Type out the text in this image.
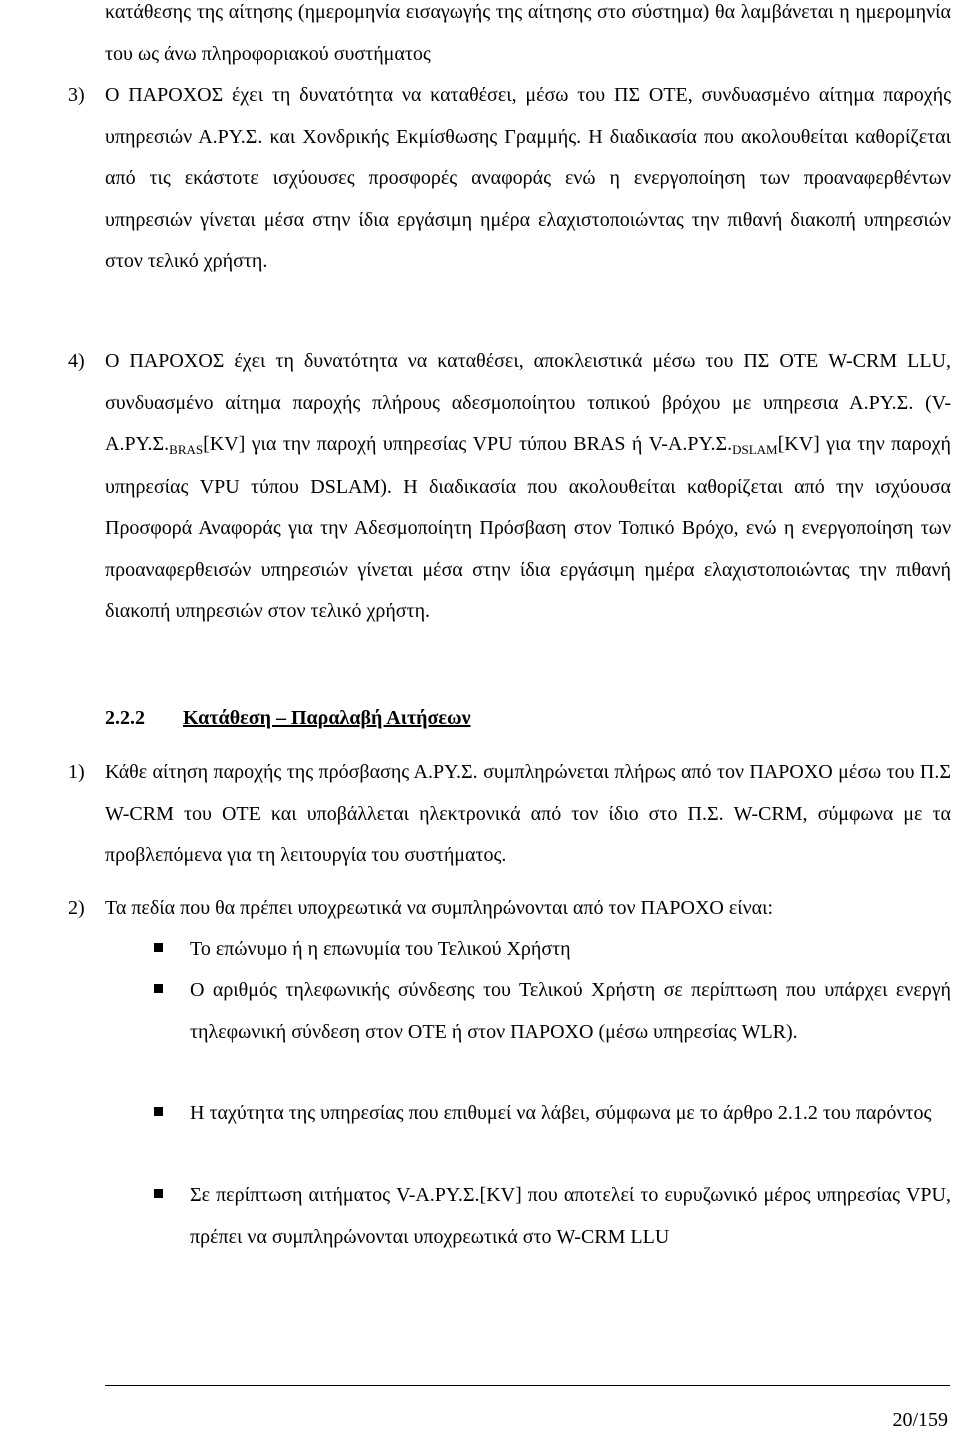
κατάθεσης της αίτησης (ημερομηνία εισαγωγής της αίτησης στο σύστημα) θα λαμβάνεται η ημερομηνία του ως άνω πληροφοριακού συστήματος

3) Ο ΠΑΡΟΧΟΣ έχει τη δυνατότητα να καταθέσει, μέσω του ΠΣ ΟΤΕ, συνδυασμένο αίτημα παροχής υπηρεσιών Α.ΡΥ.Σ. και Χονδρικής Εκμίσθωσης Γραμμής. Η διαδικασία που ακολουθείται καθορίζεται από τις εκάστοτε ισχύουσες προσφορές αναφοράς ενώ η ενεργοποίηση των προαναφερθέντων υπηρεσιών γίνεται μέσα στην ίδια εργάσιμη ημέρα ελαχιστοποιώντας την πιθανή διακοπή υπηρεσιών στον τελικό χρήστη.

4) Ο ΠΑΡΟΧΟΣ έχει τη δυνατότητα να καταθέσει, αποκλειστικά μέσω του ΠΣ ΟΤΕ W-CRM LLU, συνδυασμένο αίτημα παροχής πλήρους αδεσμοποίητου τοπικού βρόχου με υπηρεσια Α.ΡΥ.Σ. ($V-A.P\Upsilon.\Sigma._{BRAS}[KV]$ για την παροχή υπηρεσίας VPU τύπου BRAS ή $V-A.P\Upsilon.\Sigma._{DSLAM}[KV]$ για την παροχή υπηρεσίας VPU τύπου DSLAM). Η διαδικασία που ακολουθείται καθορίζεται από την ισχύουσα Προσφορά Αναφοράς για την Αδεσμοποίητη Πρόσβαση στον Τοπικό Βρόχο, ενώ η ενεργοποίηση των προαναφερθεισών υπηρεσιών γίνεται μέσα στην ίδια εργάσιμη ημέρα ελαχιστοποιώντας την πιθανή διακοπή υπηρεσιών στον τελικό χρήστη.

2.2.2 Κατάθεση – Παραλαβή Αιτήσεων

1) Κάθε αίτηση παροχής της πρόσβασης Α.ΡΥ.Σ. συμπληρώνεται πλήρως από τον ΠΑΡΟΧΟ μέσω του Π.Σ W-CRM του ΟΤΕ και υποβάλλεται ηλεκτρονικά από τον ίδιο στο Π.Σ. W-CRM, σύμφωνα με τα προβλεπόμενα για τη λειτουργία του συστήματος.

2) Τα πεδία που θα πρέπει υποχρεωτικά να συμπληρώνονται από τον ΠΑΡΟΧΟ είναι:

Το επώνυμο ή η επωνυμία του Τελικού Χρήστη

Ο αριθμός τηλεφωνικής σύνδεσης του Τελικού Χρήστη σε περίπτωση που υπάρχει ενεργή τηλεφωνική σύνδεση στον ΟΤΕ ή στον ΠΑΡΟΧΟ (μέσω υπηρεσίας WLR).

Η ταχύτητα της υπηρεσίας που επιθυμεί να λάβει, σύμφωνα με το άρθρο 2.1.2 του παρόντος

Σε περίπτωση αιτήματος V-Α.ΡΥ.Σ.[KV] που αποτελεί το ευρυζωνικό μέρος υπηρεσίας VPU, πρέπει να συμπληρώνονται υποχρεωτικά στο W-CRM LLU

20/159
